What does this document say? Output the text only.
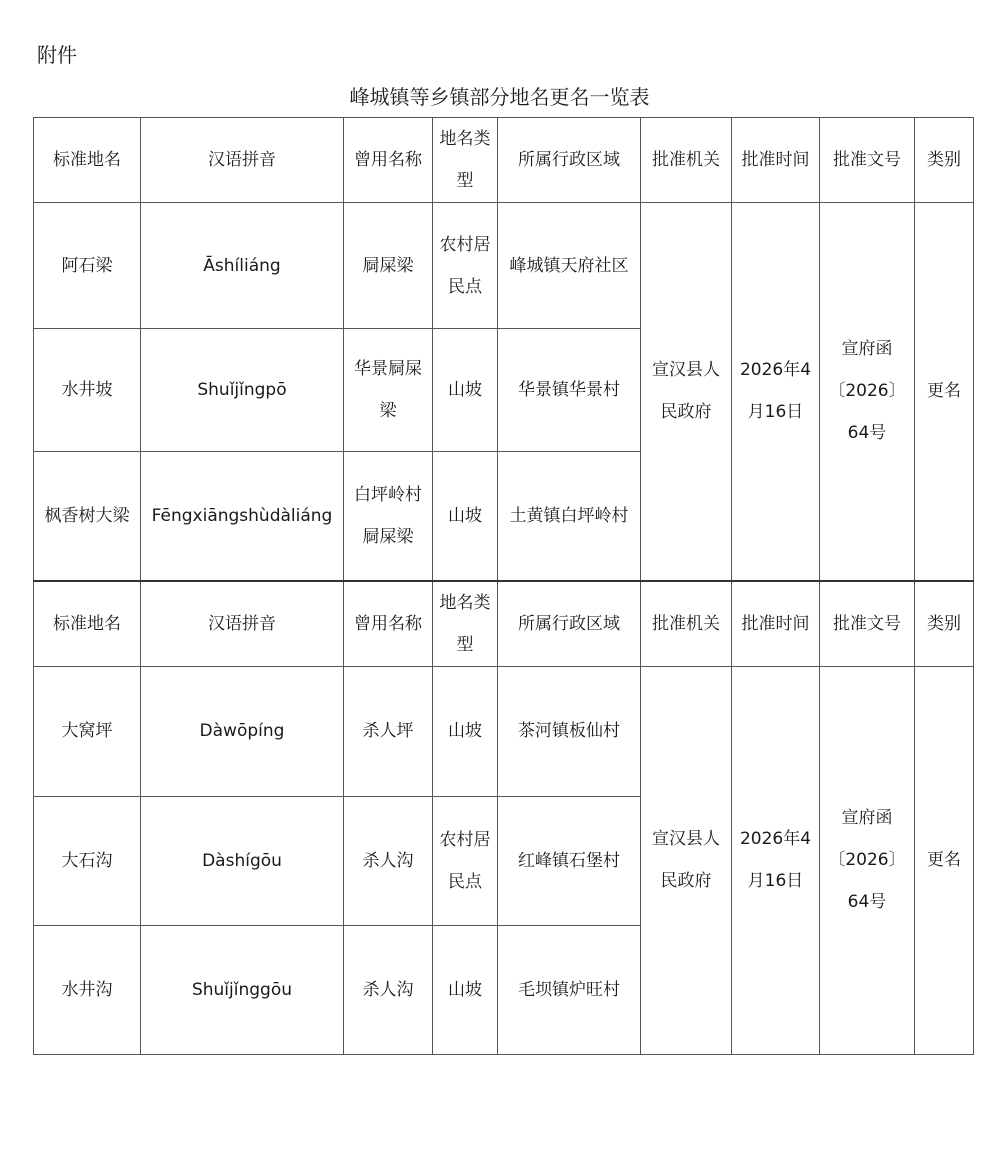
附件
峰城镇等乡镇部分地名更名一览表
标准地名	汉语拼音	曾用名称	地名类型	所属行政区域	批准机关	批准时间	批准文号	类别
阿石梁	Āshíliáng	屙屎梁	农村居民点	峰城镇天府社区	宣汉县人民政府	2026年4月16日	宣府函〔2026〕64号	更名
水井坡	Shuǐjǐngpō	华景屙屎梁	山坡	华景镇华景村				
枫香树大梁	Fēngxiāngshùdàliáng	白坪岭村屙屎梁	山坡	土黄镇白坪岭村				
标准地名	汉语拼音	曾用名称	地名类型	所属行政区域	批准机关	批准时间	批准文号	类别
大窝坪	Dàwōpíng	杀人坪	山坡	茶河镇板仙村	宣汉县人民政府	2026年4月16日	宣府函〔2026〕64号	更名
大石沟	Dàshígōu	杀人沟	农村居民点	红峰镇石堡村				
水井沟	Shuǐjǐnggōu	杀人沟	山坡	毛坝镇炉旺村				
